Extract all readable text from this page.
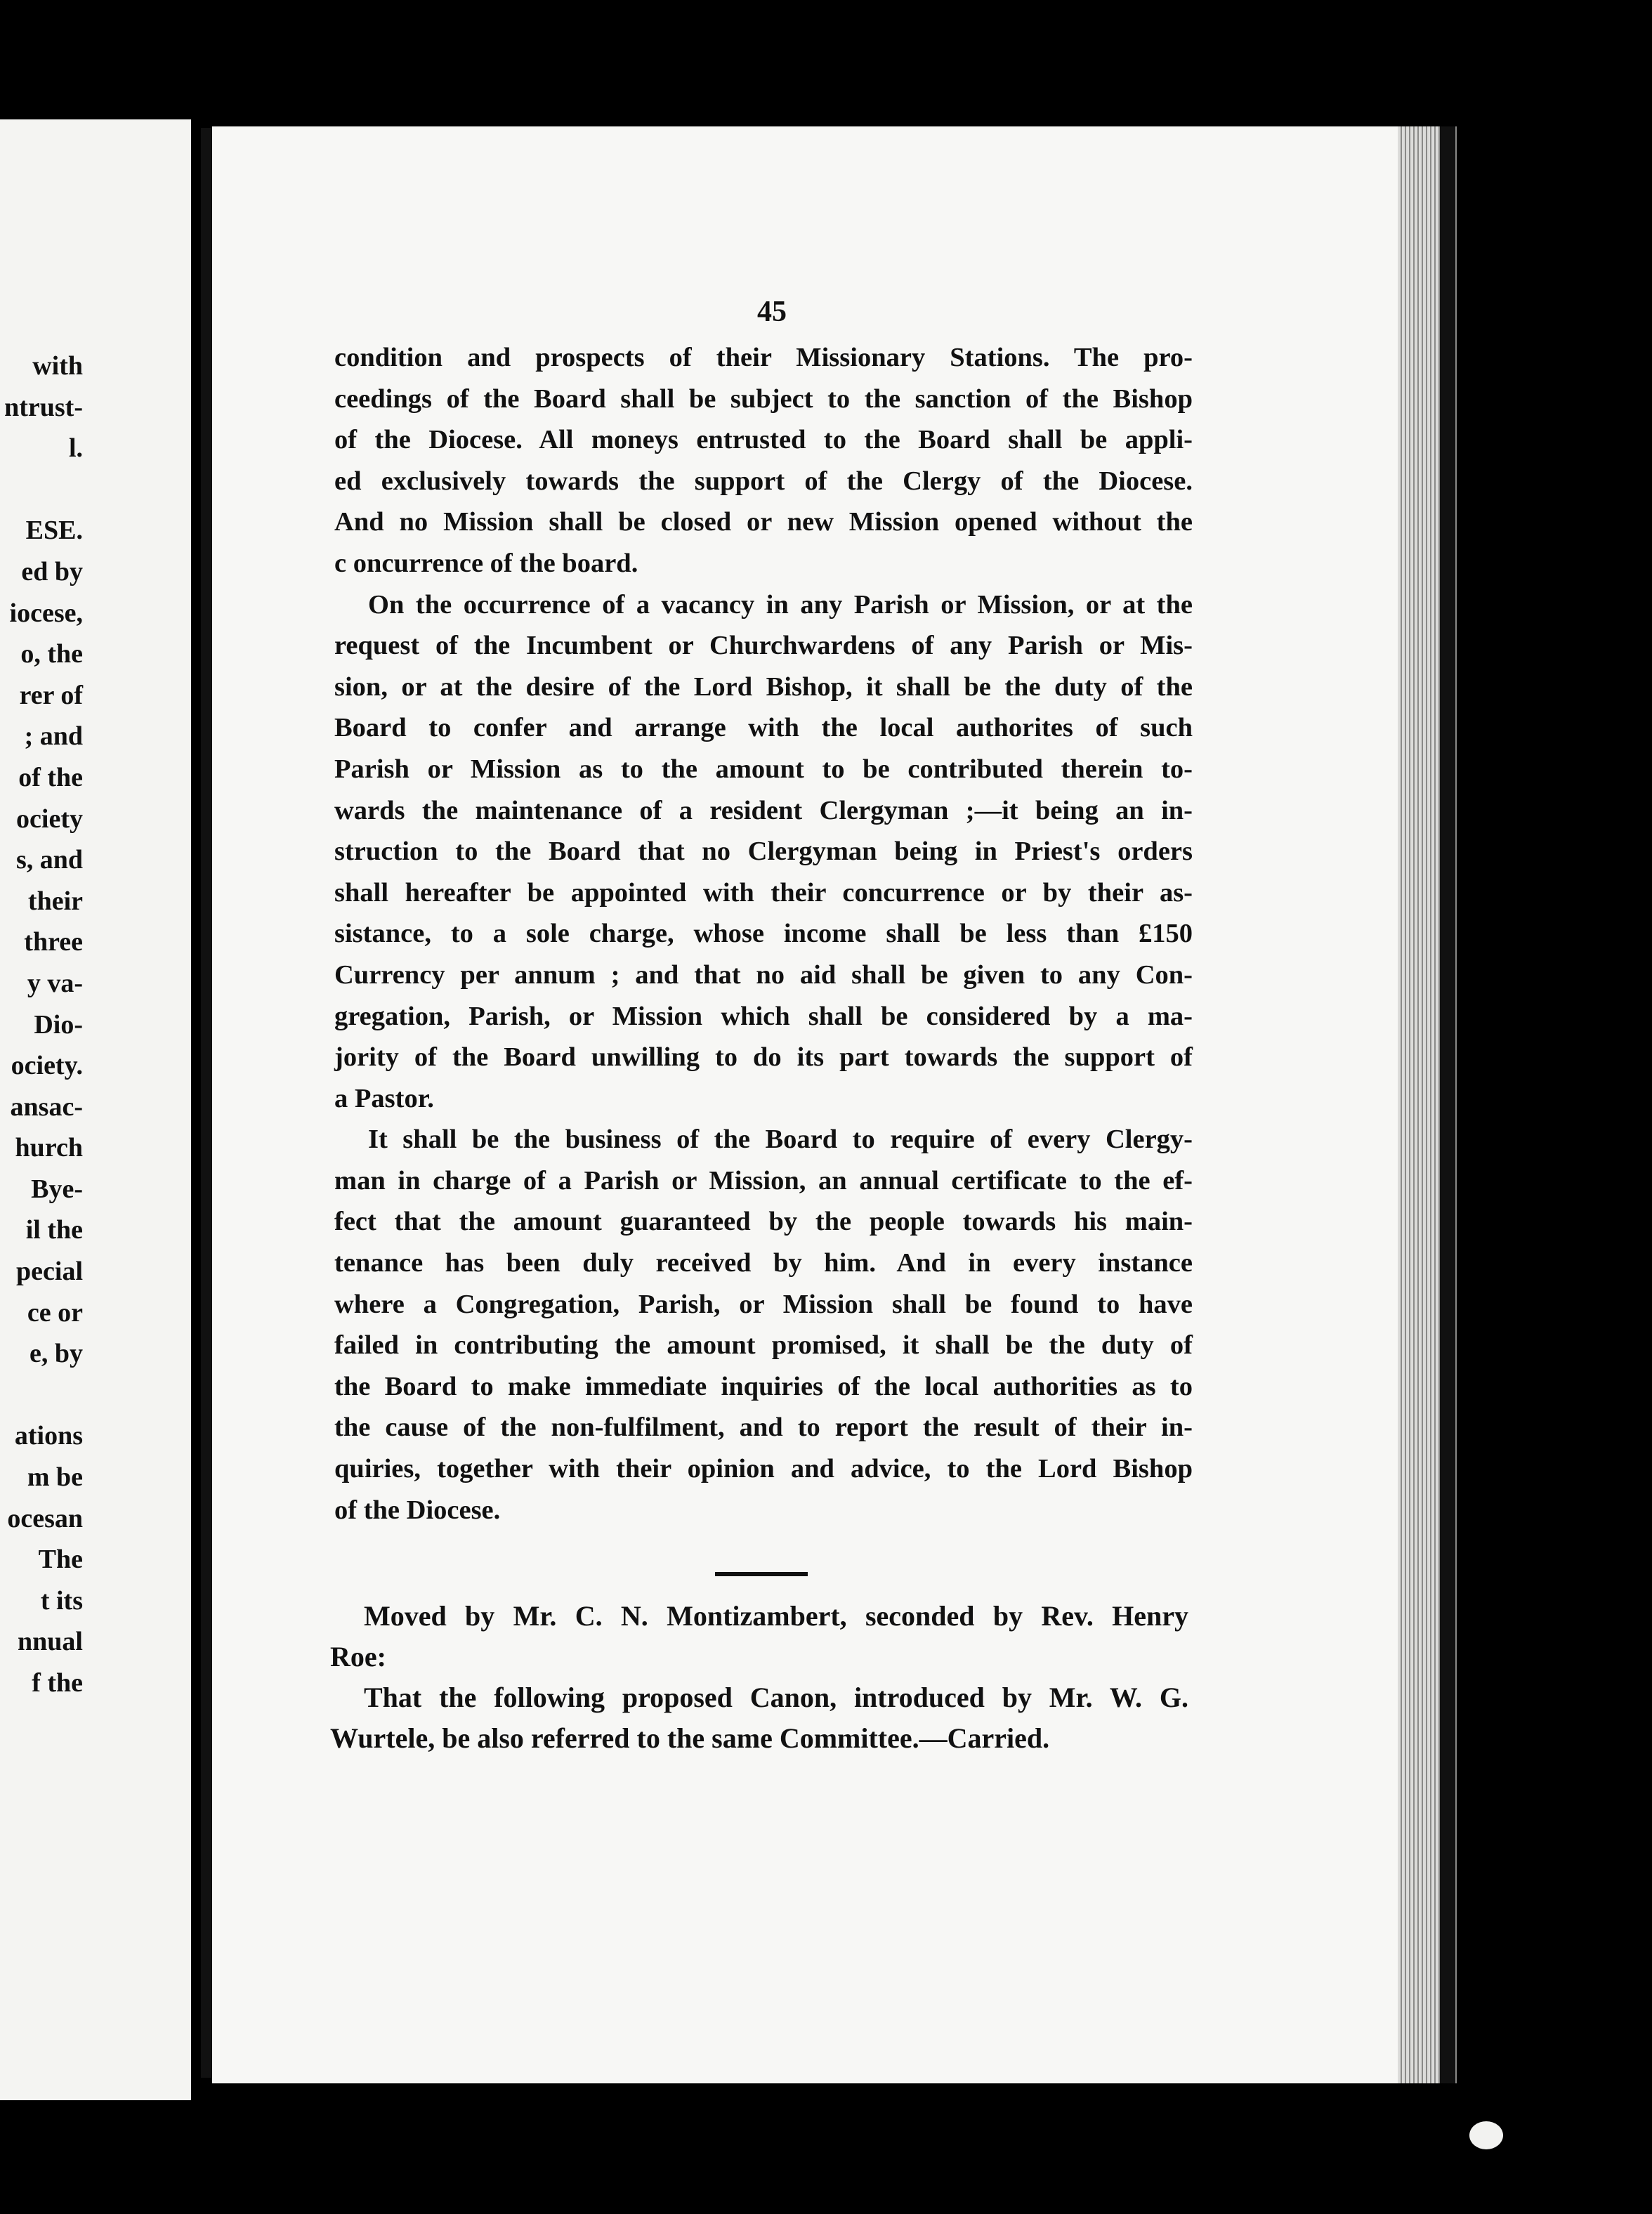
with
ntrust-
l.
ESE.
ed by
iocese,
o, the
rer of
; and
of the
ociety
s, and
their
three
y va-
Dio-
ociety.
ansac-
hurch
Bye-
il the
pecial
ce or
e, by
ations
m be
ocesan
The
t its
nnual
f the
45
condition and prospects of their Missionary Stations. The pro-
ceedings of the Board shall be subject to the sanction of the Bishop
of the Diocese. All moneys entrusted to the Board shall be appli-
ed exclusively towards the support of the Clergy of the Diocese.
And no Mission shall be closed or new Mission opened without the
c oncurrence of the board.
On the occurrence of a vacancy in any Parish or Mission, or at the
request of the Incumbent or Churchwardens of any Parish or Mis-
sion, or at the desire of the Lord Bishop, it shall be the duty of the
Board to confer and arrange with the local authorites of such
Parish or Mission as to the amount to be contributed therein to-
wards the maintenance of a resident Clergyman ;—it being an in-
struction to the Board that no Clergyman being in Priest's orders
shall hereafter be appointed with their concurrence or by their as-
sistance, to a sole charge, whose income shall be less than £150
Currency per annum ; and that no aid shall be given to any Con-
gregation, Parish, or Mission which shall be considered by a ma-
jority of the Board unwilling to do its part towards the support of
a Pastor.
It shall be the business of the Board to require of every Clergy-
man in charge of a Parish or Mission, an annual certificate to the ef-
fect that the amount guaranteed by the people towards his main-
tenance has been duly received by him. And in every instance
where a Congregation, Parish, or Mission shall be found to have
failed in contributing the amount promised, it shall be the duty of
the Board to make immediate inquiries of the local authorities as to
the cause of the non-fulfilment, and to report the result of their in-
quiries, together with their opinion and advice, to the Lord Bishop
of the Diocese.
Moved by Mr. C. N. Montizambert, seconded by Rev. Henry
Roe:
That the following proposed Canon, introduced by Mr. W. G.
Wurtele, be also referred to the same Committee.—Carried.
